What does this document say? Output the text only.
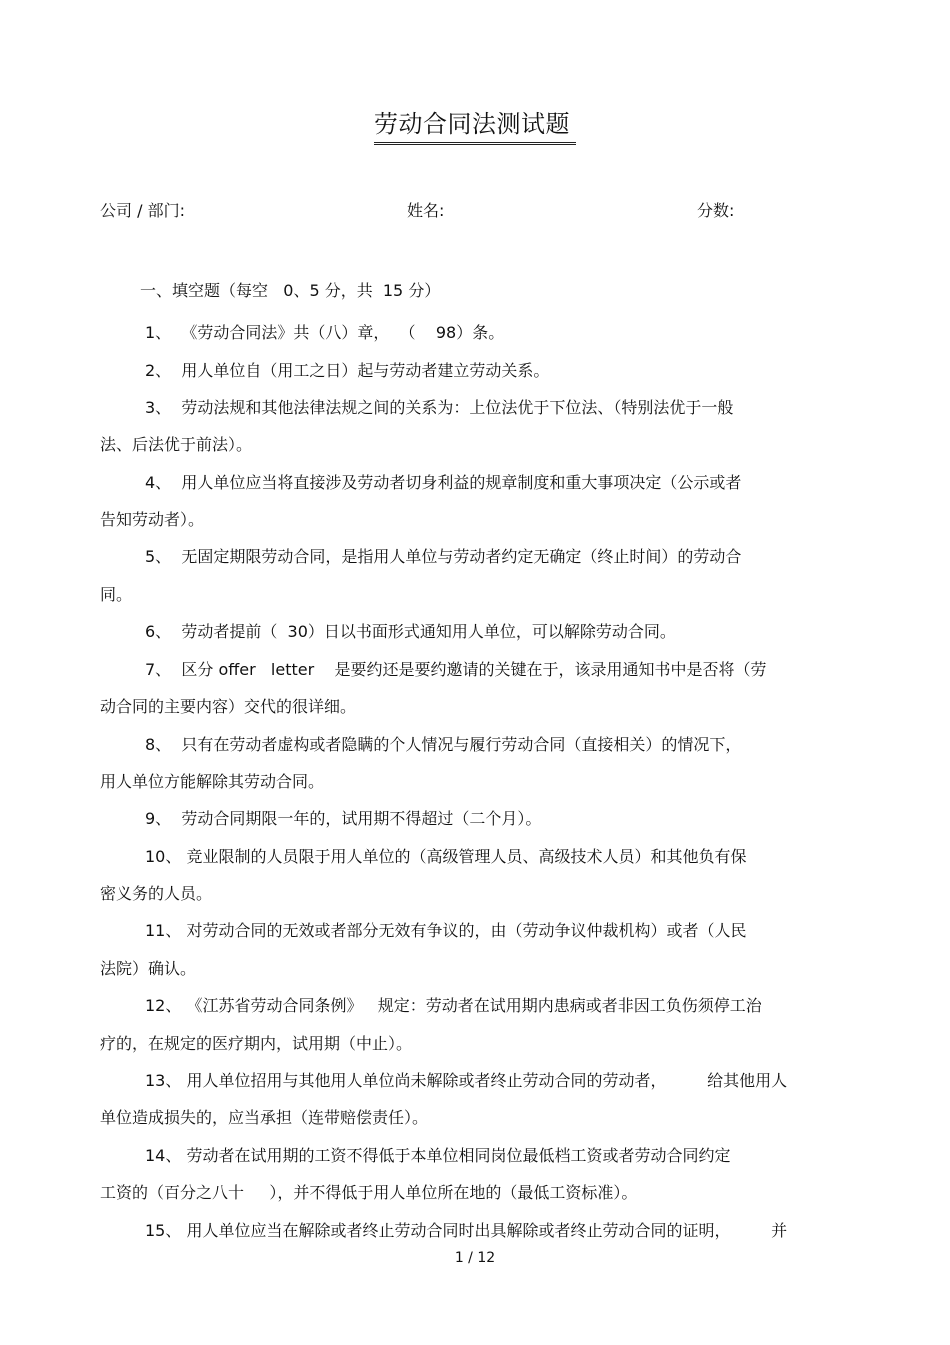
劳动合同法测试题
公司 / 部门:	姓名:	分数:
一、填空题（每空   0、5 分，共  15 分）
1、  《劳动合同法》共（八）章，  （    98）条。
2、  用人单位自（用工之日）起与劳动者建立劳动关系。
3、  劳动法规和其他法律法规之间的关系为：上位法优于下位法、（特别法优于一般
法、后法优于前法）。
4、  用人单位应当将直接涉及劳动者切身利益的规章制度和重大事项决定（公示或者
告知劳动者）。
5、  无固定期限劳动合同，是指用人单位与劳动者约定无确定（终止时间）的劳动合
同。
6、  劳动者提前（  30）日以书面形式通知用人单位，可以解除劳动合同。
7、  区分 offer   letter    是要约还是要约邀请的关键在于，该录用通知书中是否将（劳
动合同的主要内容）交代的很详细。
8、  只有在劳动者虚构或者隐瞒的个人情况与履行劳动合同（直接相关）的情况下，
用人单位方能解除其劳动合同。
9、  劳动合同期限一年的，试用期不得超过（二个月）。
10、 竞业限制的人员限于用人单位的（高级管理人员、高级技术人员）和其他负有保
密义务的人员。
11、 对劳动合同的无效或者部分无效有争议的，由（劳动争议仲裁机构）或者（人民
法院）确认。
12、 《江苏省劳动合同条例》   规定：劳动者在试用期内患病或者非因工负伤须停工治
疗的，在规定的医疗期内，试用期（中止）。
13、 用人单位招用与其他用人单位尚未解除或者终止劳动合同的劳动者，        给其他用人
单位造成损失的，应当承担（连带赔偿责任）。
14、 劳动者在试用期的工资不得低于本单位相同岗位最低档工资或者劳动合同约定
工资的（百分之八十     ），并不得低于用人单位所在地的（最低工资标准）。
15、 用人单位应当在解除或者终止劳动合同时出具解除或者终止劳动合同的证明，        并
1 / 12
